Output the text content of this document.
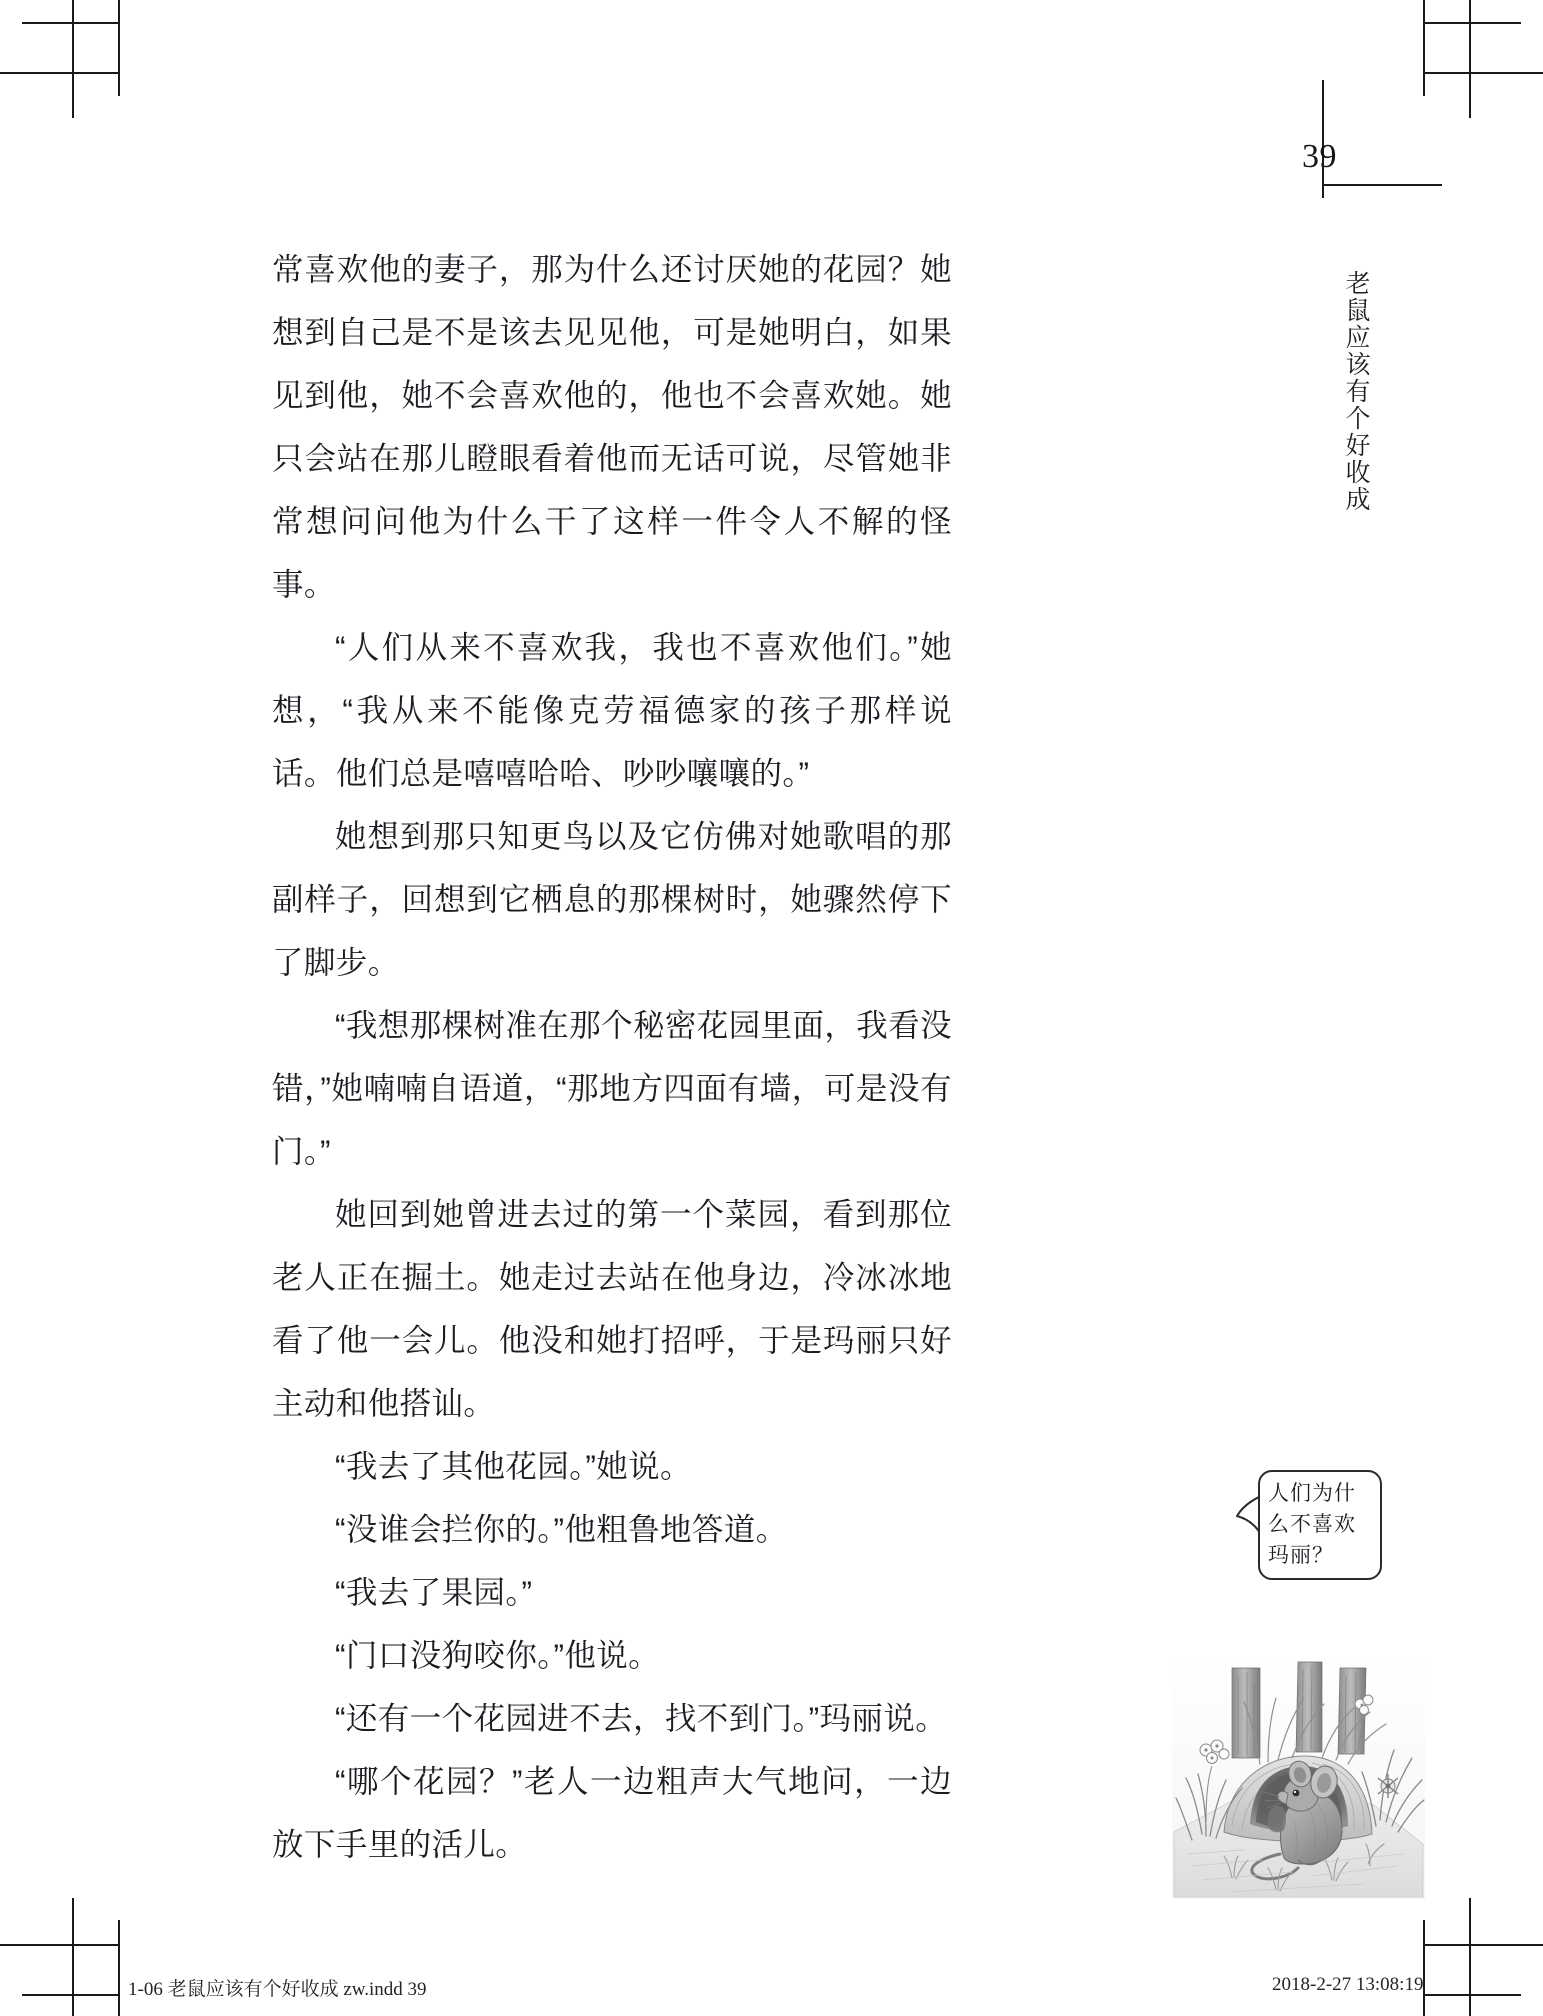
39
老鼠应该有个好收成

常喜欢他的妻子，那为什么还讨厌她的花园？她想到自己是不是该去见见他，可是她明白，如果见到他，她不会喜欢他的，他也不会喜欢她。她只会站在那儿瞪眼看着他而无话可说，尽管她非常想问问他为什么干了这样一件令人不解的怪事。

“人们从来不喜欢我，我也不喜欢他们。”她想，“我从来不能像克劳福德家的孩子那样说话。他们总是嘻嘻哈哈、吵吵嚷嚷的。”

她想到那只知更鸟以及它仿佛对她歌唱的那副样子，回想到它栖息的那棵树时，她骤然停下了脚步。

“我想那棵树准在那个秘密花园里面，我看没错，”她喃喃自语道，“那地方四面有墙，可是没有门。”

她回到她曾进去过的第一个菜园，看到那位老人正在掘土。她走过去站在他身边，冷冰冰地看了他一会儿。他没和她打招呼，于是玛丽只好主动和他搭讪。

“我去了其他花园。”她说。

“没谁会拦你的。”他粗鲁地答道。

“我去了果园。”

“门口没狗咬你。”他说。

“还有一个花园进不去，找不到门。”玛丽说。

“哪个花园？”老人一边粗声大气地问，一边放下手里的活儿。

人们为什么不喜欢玛丽？
1-06 老鼠应该有个好收成 zw.indd 39	2018-2-27 13:08:19
